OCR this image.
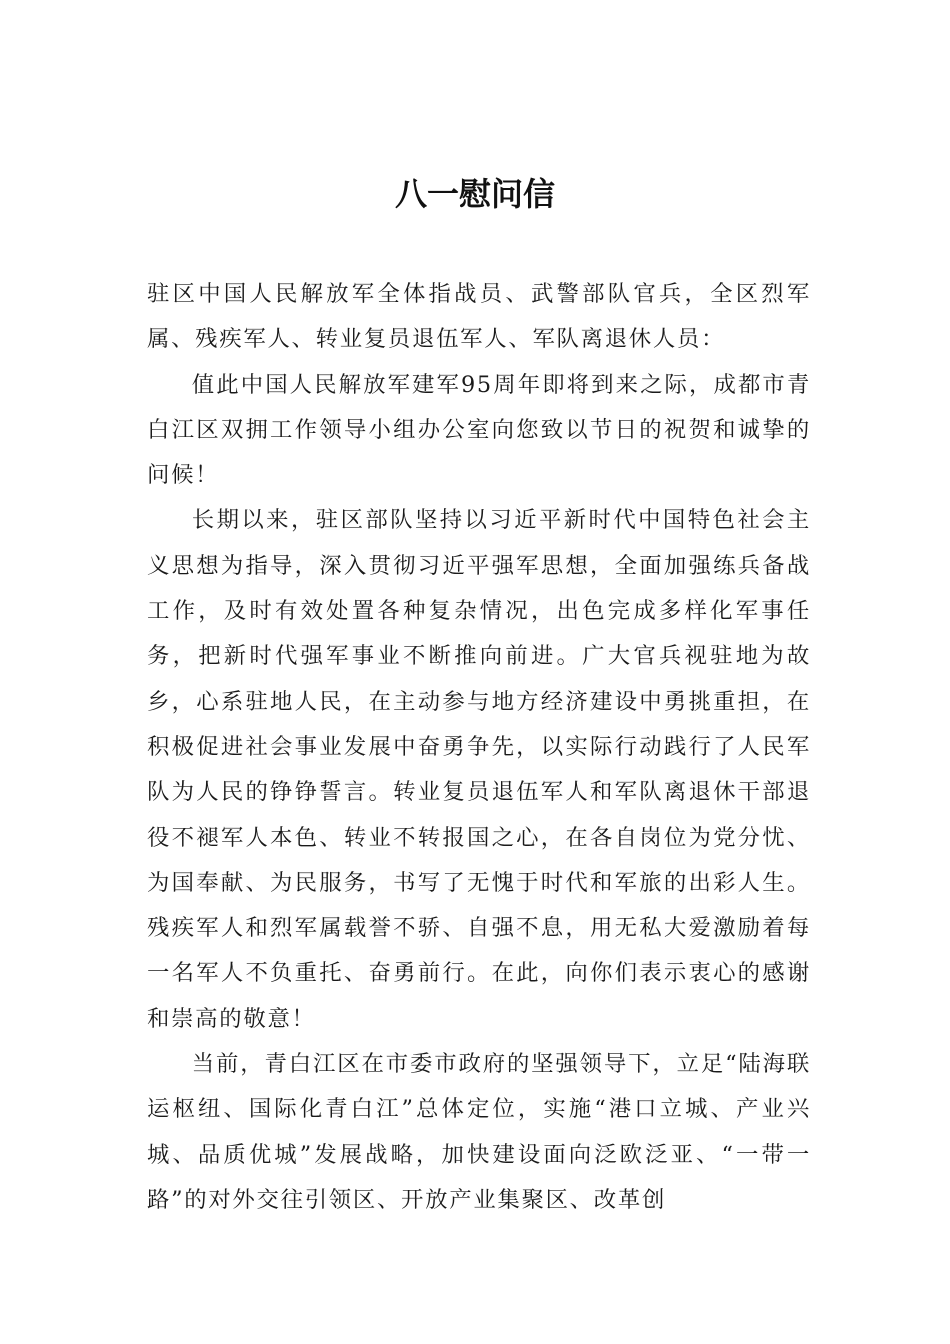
八一慰问信

驻区中国人民解放军全体指战员、武警部队官兵，全区烈军属、残疾军人、转业复员退伍军人、军队离退休人员：

值此中国人民解放军建军95周年即将到来之际，成都市青白江区双拥工作领导小组办公室向您致以节日的祝贺和诚挚的问候！

长期以来，驻区部队坚持以习近平新时代中国特色社会主义思想为指导，深入贯彻习近平强军思想，全面加强练兵备战工作，及时有效处置各种复杂情况，出色完成多样化军事任务，把新时代强军事业不断推向前进。广大官兵视驻地为故乡，心系驻地人民，在主动参与地方经济建设中勇挑重担，在积极促进社会事业发展中奋勇争先，以实际行动践行了人民军队为人民的铮铮誓言。转业复员退伍军人和军队离退休干部退役不褪军人本色、转业不转报国之心，在各自岗位为党分忧、为国奉献、为民服务，书写了无愧于时代和军旅的出彩人生。残疾军人和烈军属载誉不骄、自强不息，用无私大爱激励着每一名军人不负重托、奋勇前行。在此，向你们表示衷心的感谢和崇高的敬意！

当前，青白江区在市委市政府的坚强领导下，立足“陆海联运枢纽、国际化青白江”总体定位，实施“港口立城、产业兴城、品质优城”发展战略，加快建设面向泛欧泛亚、“一带一路”的对外交往引领区、开放产业集聚区、改革创
